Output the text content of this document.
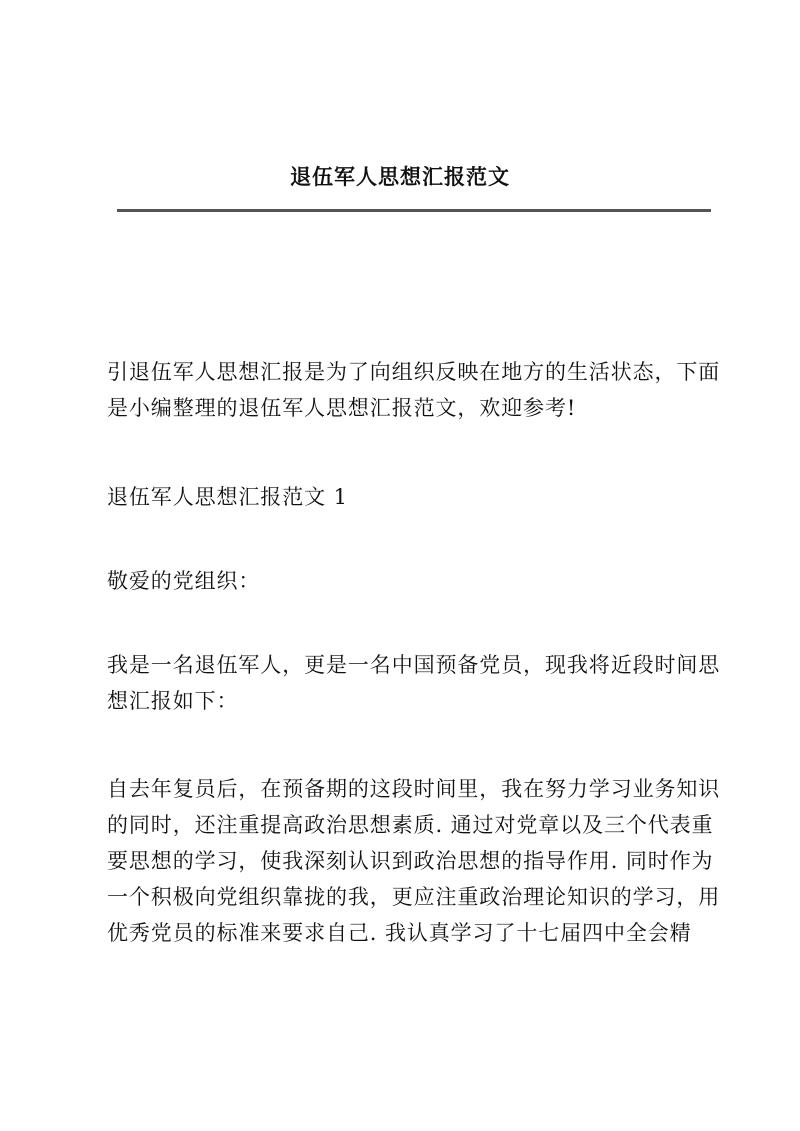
退伍军人思想汇报范文

引退伍军人思想汇报是为了向组织反映在地方的生活状态，下面
是小编整理的退伍军人思想汇报范文，欢迎参考!

退伍军人思想汇报范文 1

敬爱的党组织：

我是一名退伍军人，更是一名中国预备党员，现我将近段时间思
想汇报如下：

自去年复员后，在预备期的这段时间里，我在努力学习业务知识
的同时，还注重提高政治思想素质. 通过对党章以及三个代表重
要思想的学习，使我深刻认识到政治思想的指导作用. 同时作为
一个积极向党组织靠拢的我，更应注重政治理论知识的学习，用
优秀党员的标准来要求自己. 我认真学习了十七届四中全会精
